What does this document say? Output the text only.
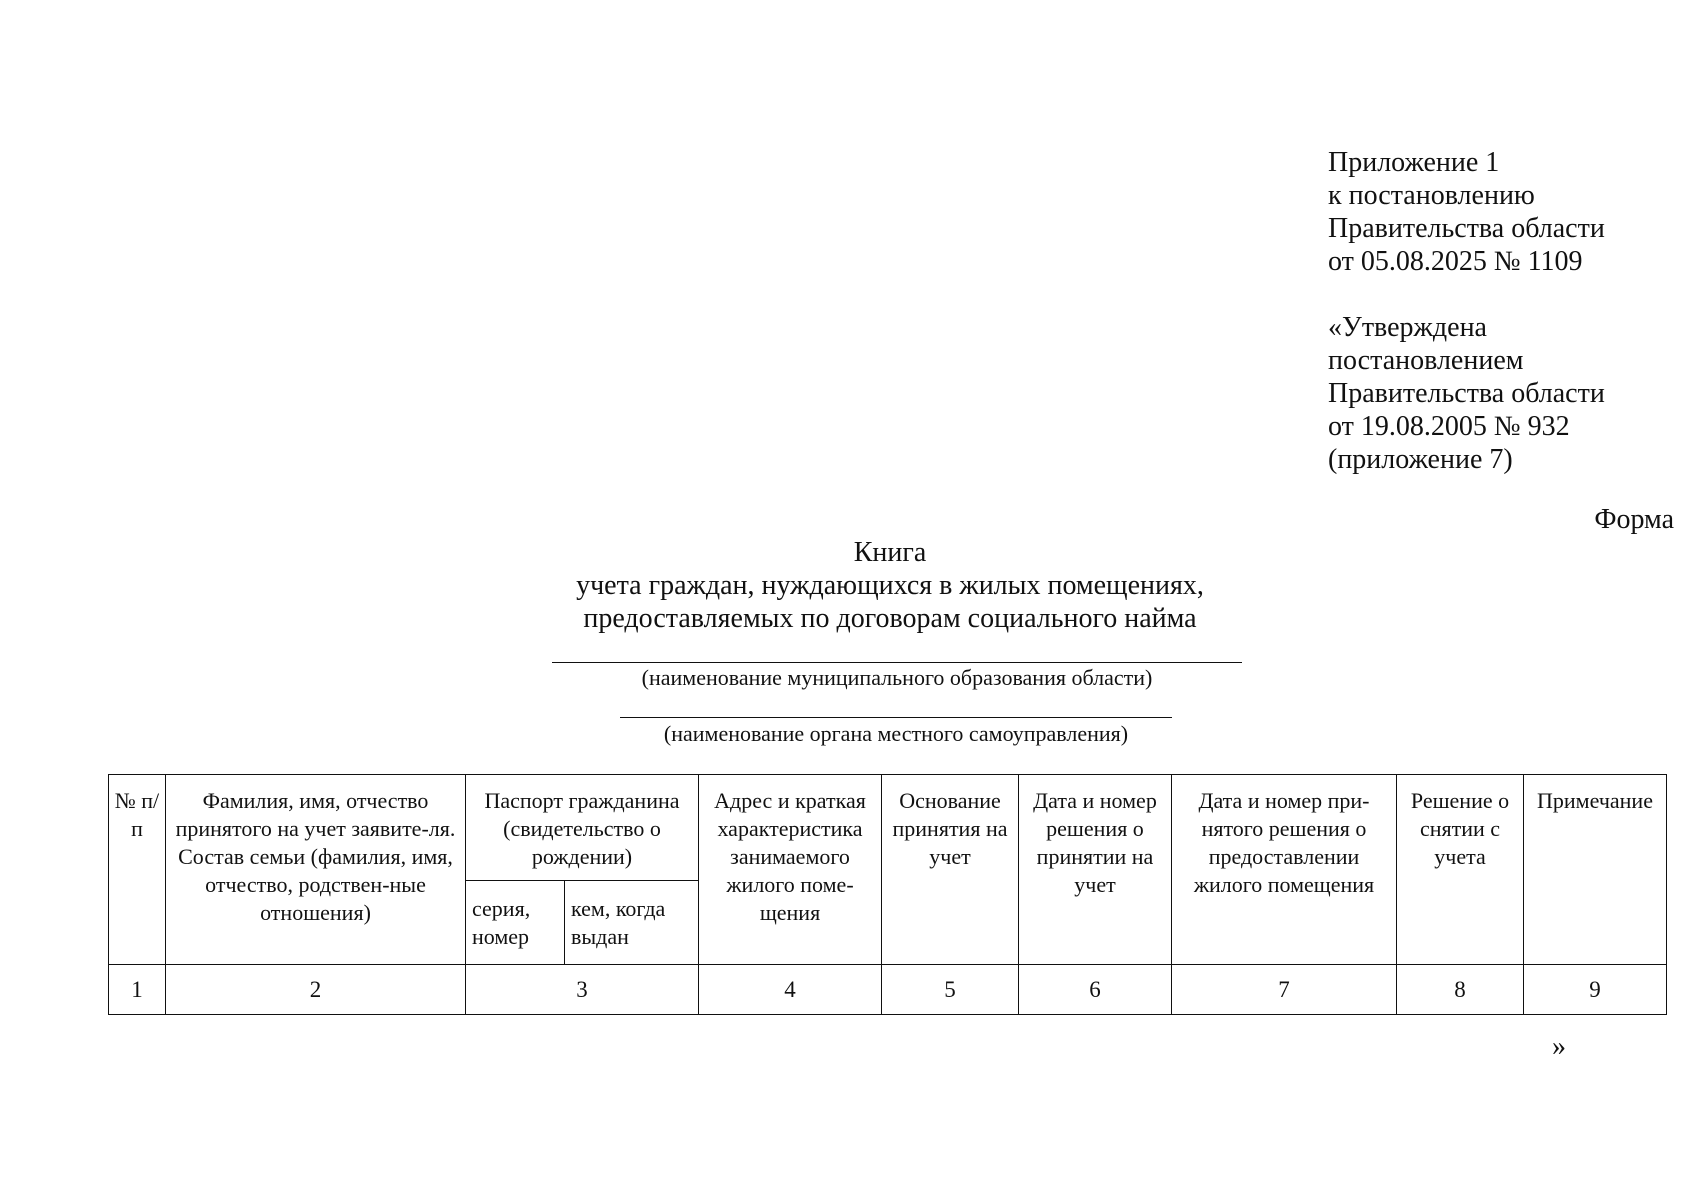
Приложение 1
к постановлению
Правительства области
от 05.08.2025 № 1109
«Утверждена
постановлением
Правительства области
от 19.08.2005 № 932
(приложение 7)
Форма
Книга
учета граждан, нуждающихся в жилых помещениях,
предоставляемых по договорам социального найма
(наименование муниципального образования области)
(наименование органа местного самоуправления)
№ п/п	Фамилия, имя, отчество принятого на учет заявите-ля. Состав семьи (фамилия, имя, отчество, родствен-ные отношения)	Паспорт гражданина (свидетельство о рождении)		Адрес и краткая характеристика занимаемого жилого поме-щения	Основание принятия на учет	Дата и номер решения о принятии на учет	Дата и номер при-нятого решения о предоставлении жилого помещения	Решение о снятии с учета	Примечание
		серия, номер	кем, когда выдан						
1	2	3		4	5	6	7	8	9
»
